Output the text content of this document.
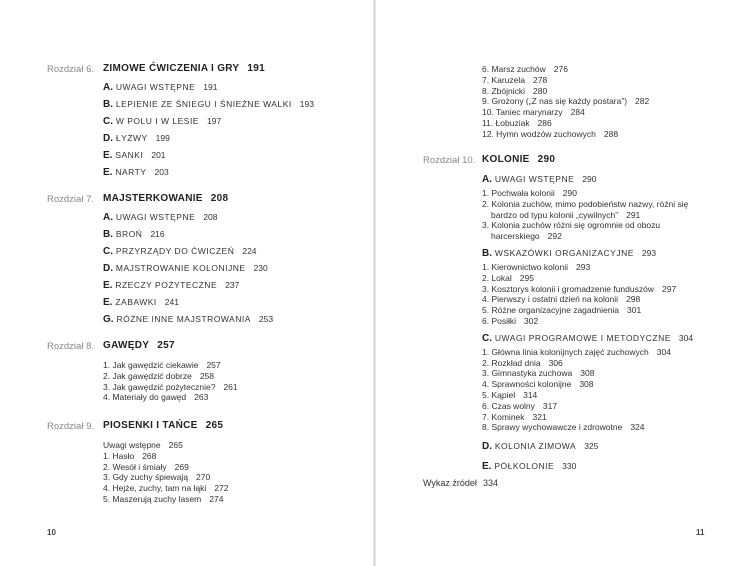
Rozdział 6. ZIMOWE ĆWICZENIA I GRY 191
A. UWAGI WSTĘPNE 191
B. LEPIENIE ZE ŚNIEGU I ŚNIEŻNE WALKI 193
C. W POLU I W LESIE 197
D. ŁYŻWY 199
E. SANKI 201
E. NARTY 203
Rozdział 7. MAJSTERKOWANIE 208
A. UWAGI WSTĘPNE 208
B. BROŃ 216
C. PRZYRZĄDY DO ĆWICZEŃ 224
D. MAJSTROWANIE KOLONIJNE 230
E. RZECZY POŻYTECZNE 237
E. ZABAWKI 241
G. RÓŻNE INNE MAJSTROWANIA 253
Rozdział 8. GAWĘDY 257
1. Jak gawędzić ciekawie 257
2. Jak gawędzić dobrze 258
3. Jak gawędzić pożytecznie? 261
4. Materiały do gawęd 263
Rozdział 9. PIOSENKI I TAŃCE 265
Uwagi wstępne 265
1. Hasło 268
2. Wesół i śmiały 269
3. Gdy zuchy śpiewają 270
4. Hejże, zuchy, tam na łąki 272
5. Maszerują zuchy lasem 274
10
6. Marsz zuchów 276
7. Karuzela 278
8. Zbójnicki 280
9. Grożony („Z nas się każdy postara”) 282
10. Taniec marynarzy 284
11. Łobuziak 286
12. Hymn wodzów zuchowych 288
Rozdział 10. KOLONIE 290
A. UWAGI WSTĘPNE 290
1. Pochwała kolonii 290
2. Kolonia zuchów, mimo podobieństw nazwy, różni się
bardzo od typu kolonii „cywilnych” 291
3. Kolonia zuchów różni się ogromnie od obozu
harcerskiego 292
B. WSKAZÓWKI ORGANIZACYJNE 293
1. Kierownictwo kolonii 293
2. Lokal 295
3. Kosztorys kolonii i gromadzenie funduszów 297
4. Pierwszy i ostatni dzień na kolonii 298
5. Różne organizacyjne zagadnienia 301
6. Posiłki 302
C. UWAGI PROGRAMOWE I METODYCZNE 304
1. Główna linia kolonijnych zajęć zuchowych 304
2. Rozkład dnia 306
3. Gimnastyka zuchowa 308
4. Sprawności kolonijne 308
5. Kąpiel 314
6. Czas wolny 317
7. Kominek 321
8. Sprawy wychowawcze i zdrowotne 324
D. KOLONIA ZIMOWA 325
E. PÓŁKOLONIE 330
Wykaz źródeł 334
11
